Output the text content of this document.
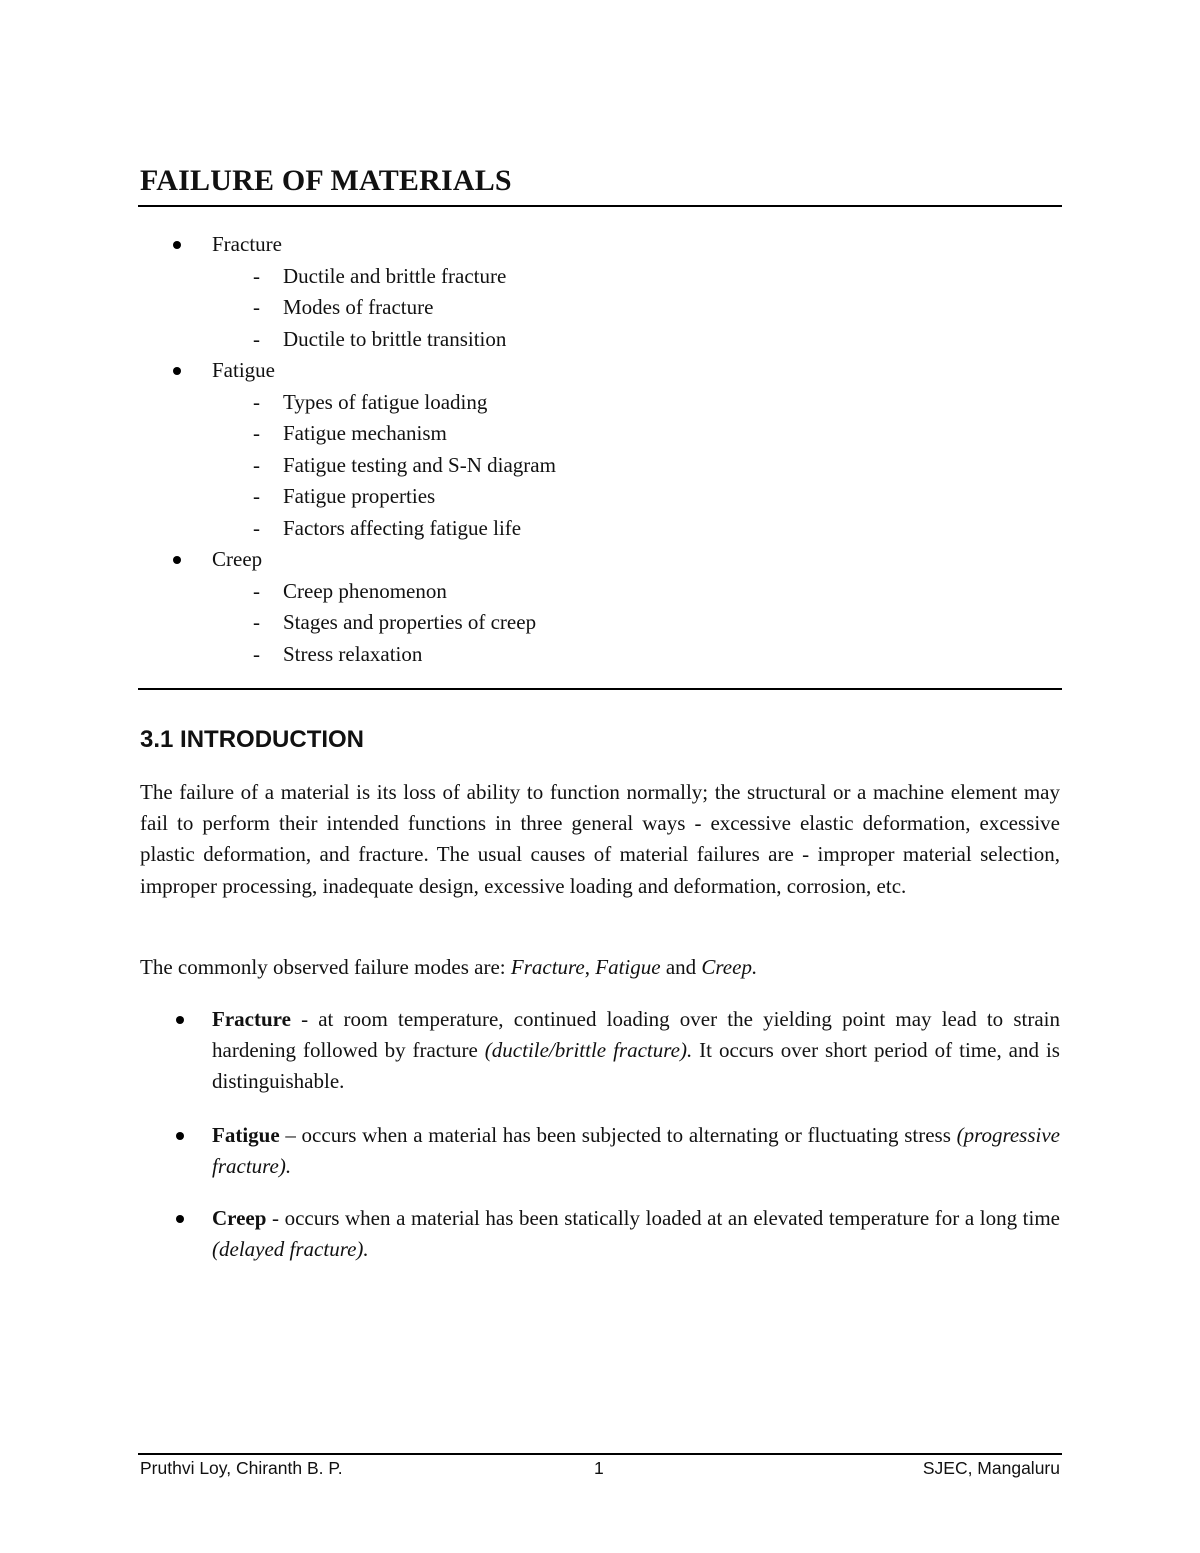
FAILURE OF MATERIALS
Fracture
- Ductile and brittle fracture
- Modes of fracture
- Ductile to brittle transition
Fatigue
- Types of fatigue loading
- Fatigue mechanism
- Fatigue testing and S-N diagram
- Fatigue properties
- Factors affecting fatigue life
Creep
- Creep phenomenon
- Stages and properties of creep
- Stress relaxation
3.1 INTRODUCTION

The failure of a material is its loss of ability to function normally; the structural or a machine element may fail to perform their intended functions in three general ways - excessive elastic deformation, excessive plastic deformation, and fracture. The usual causes of material failures are - improper material selection, improper processing, inadequate design, excessive loading and deformation, corrosion, etc.

The commonly observed failure modes are: Fracture, Fatigue and Creep.

Fracture - at room temperature, continued loading over the yielding point may lead to strain hardening followed by fracture (ductile/brittle fracture). It occurs over short period of time, and is distinguishable.
Fatigue – occurs when a material has been subjected to alternating or fluctuating stress (progressive fracture).
Creep - occurs when a material has been statically loaded at an elevated temperature for a long time (delayed fracture).
Pruthvi Loy, Chiranth B. P.	1	SJEC, Mangaluru
